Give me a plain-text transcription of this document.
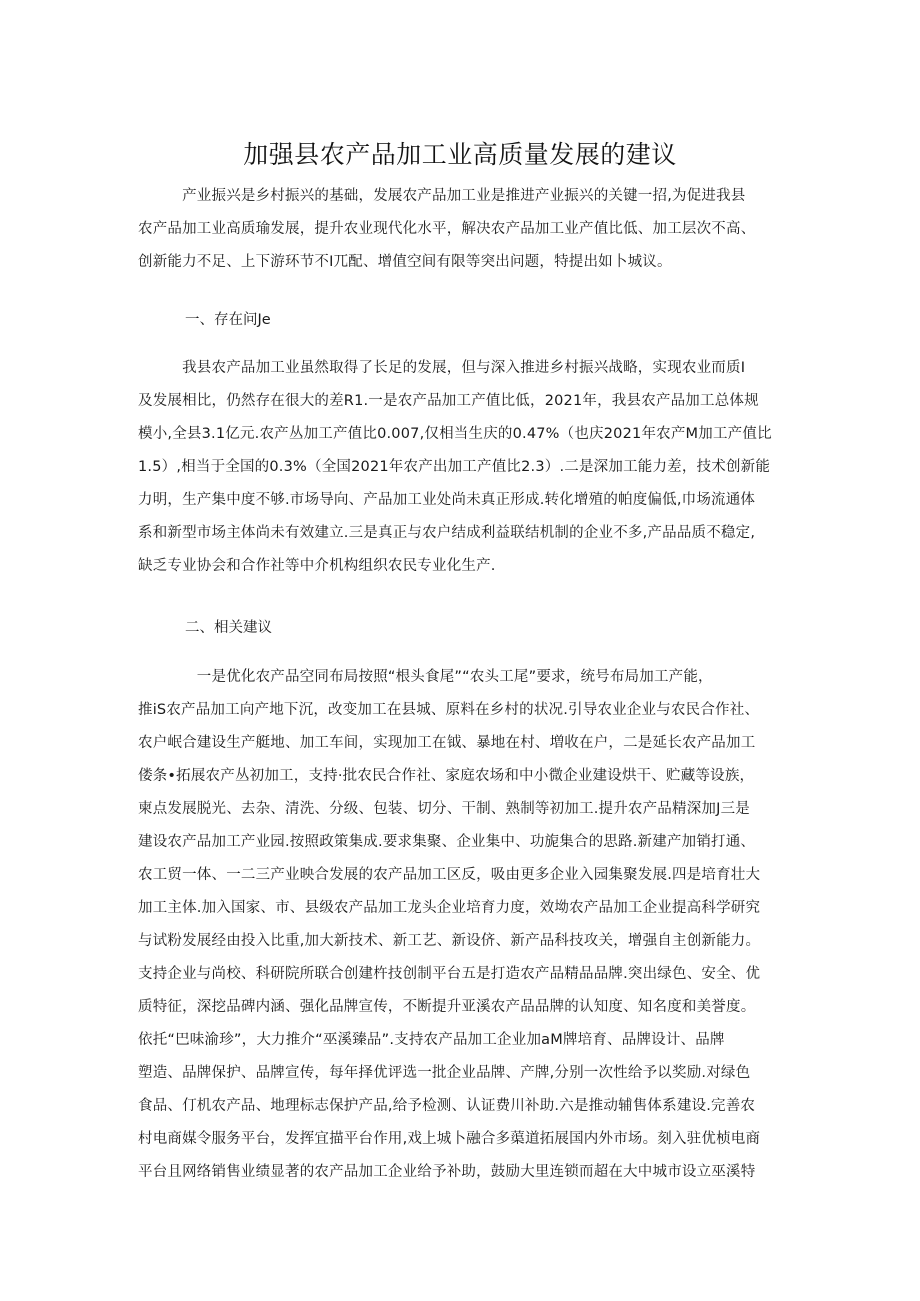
加强县农产品加工业高质量发展的建议
　　　产业振兴是乡村振兴的基础，发展农产品加工业是推进产业振兴的关键一招,为促进我县
农产品加工业高质瑜发展，提升农业现代化水平，解决农产品加工业产值比低、加工层次不高、
创新能力不足、上下游环节不I兀配、增值空间有限等突出问题，特提出如卜城议。
一、存在问Je
　　　我县农产品加工业虽然取得了长足的发展，但与深入推进乡村振兴战略，实现农业而质I
及发展相比，仍然存在很大的差R1.一是农产品加工产值比低，2021年，我县农产品加工总体规
模小,全县3.1亿元.农产丛加工产值比0.007,仅相当生庆的0.47%（也庆2021年农产M加工产值比
1.5）,相当于全国的0.3%（全国2021年农产出加工产值比2.3）.二是深加工能力差，技术创新能
力明，生产集中度不够.市场导向、产品加工业处尚未真正形成.转化增殖的帕度偏低,巾场流通体
系和新型市场主体尚未有效建立.三是真正与农户结成利益联结机制的企业不多,产品品质不稳定,
缺乏专业协会和合作社等中介机构组织农民专业化生产.
二、相关建议
　　　　一是优化农产品空同布局按照“根头食尾”“农头工尾”要求，统号布局加工产能，
推iS农产品加工向产地下沉，改变加工在县城、原料在乡村的状况.引导农业企业与农民合作社、
农户岷合建设生产艇地、加工车间，实现加工在钺、暴地在村、増收在户，二是延长农产品加工
偻条•拓展农产丛初加工，支持·批农民合作社、家庭农场和中小微企业建设烘干、贮藏等设族，
柬点发展脱光、去杂、清洗、分级、包装、切分、干制、熟制等初加工.提升农产品精深加J三是
建设农产品加工产业园.按照政策集成.要求集聚、企业集中、功旎集合的思路.新建产加销打通、
农工贸一体、一二三产业映合发展的农产品加工区反，吸由更多企业入园集聚发展.四是培育壮大
加工主体.加入国家、市、县级农产品加工龙头企业培育力度，效坳农产品加工企业提高科学研究
与试粉发展经由投入比重,加大新技术、新工艺、新设侪、新产品科技攻关，增强自主创新能力。
支持企业与尚校、科研院所联合创建杵技创制平台五是打造农产品精品品牌.突出绿色、安全、优
质特征，深挖品碑内涵、强化品牌宣传，不断提升亚溪农产品品牌的认知度、知名度和美誉度。
依托“巴味渝珍”，大力推介“巫溪臻品”.支持农产品加工企业加aM牌培育、品牌设计、品牌
塑造、品牌保护、品牌宣传，每年择优评选一批企业品牌、产牌,分别一次性给予以奖励.对绿色
食品、仃机农产品、地理标志保护产品,给予检测、认证费川补助.六是推动辅售体系建设.完善农
村电商媒令服务平台，发挥宜描平台作用,戏上城卜融合多蕖道拓展国内外市场。刻入驻优桢电商
平台且网络销售业绩显著的农产品加工企业给予补助，鼓励大里连锁而超在大中城市设立巫溪特
